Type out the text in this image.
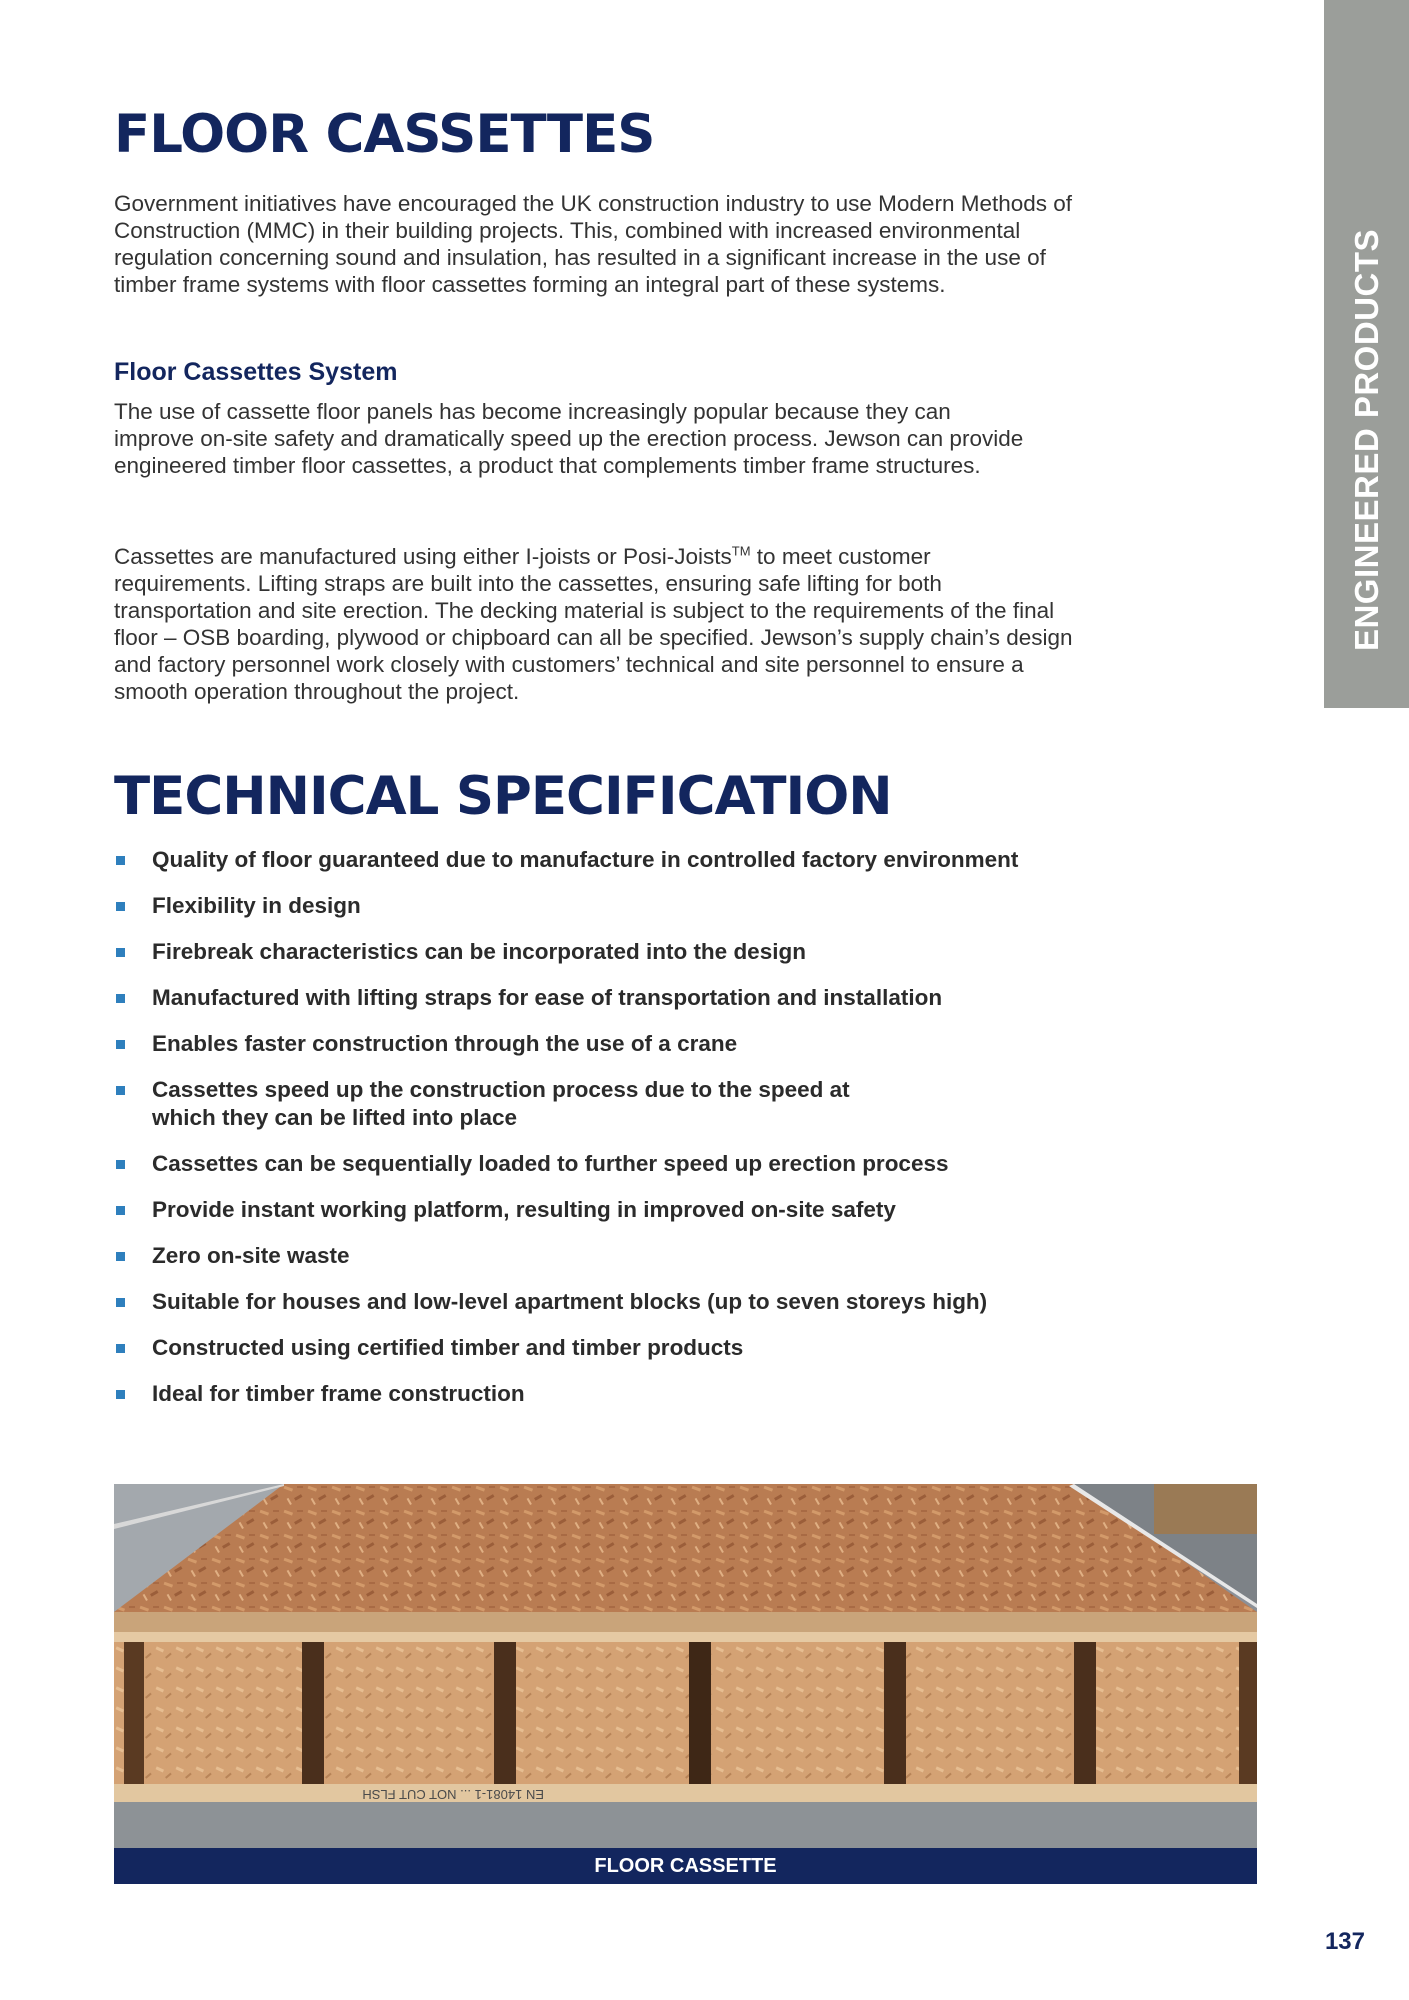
ENGINEERED PRODUCTS
FLOOR CASSETTES

Government initiatives have encouraged the UK construction industry to use Modern Methods of Construction (MMC) in their building projects. This, combined with increased environmental regulation concerning sound and insulation, has resulted in a significant increase in the use of timber frame systems with floor cassettes forming an integral part of these systems.

Floor Cassettes System

The use of cassette floor panels has become increasingly popular because they can improve on-site safety and dramatically speed up the erection process. Jewson can provide engineered timber floor cassettes, a product that complements timber frame structures.

Cassettes are manufactured using either I-joists or Posi-Joists™ to meet customer requirements. Lifting straps are built into the cassettes, ensuring safe lifting for both transportation and site erection. The decking material is subject to the requirements of the final floor – OSB boarding, plywood or chipboard can all be specified. Jewson’s supply chain’s design and factory personnel work closely with customers’ technical and site personnel to ensure a smooth operation throughout the project.

TECHNICAL SPECIFICATION
Quality of floor guaranteed due to manufacture in controlled factory environment
Flexibility in design
Firebreak characteristics can be incorporated into the design
Manufactured with lifting straps for ease of transportation and installation
Enables faster construction through the use of a crane
Cassettes speed up the construction process due to the speed at which they can be lifted into place
Cassettes can be sequentially loaded to further speed up erection process
Provide instant working platform, resulting in improved on-site safety
Zero on-site waste
Suitable for houses and low-level apartment blocks (up to seven storeys high)
Constructed using certified timber and timber products
Ideal for timber frame construction
EN 14081-1 ... NOT CUT FLSH
FLOOR CASSETTE
137
